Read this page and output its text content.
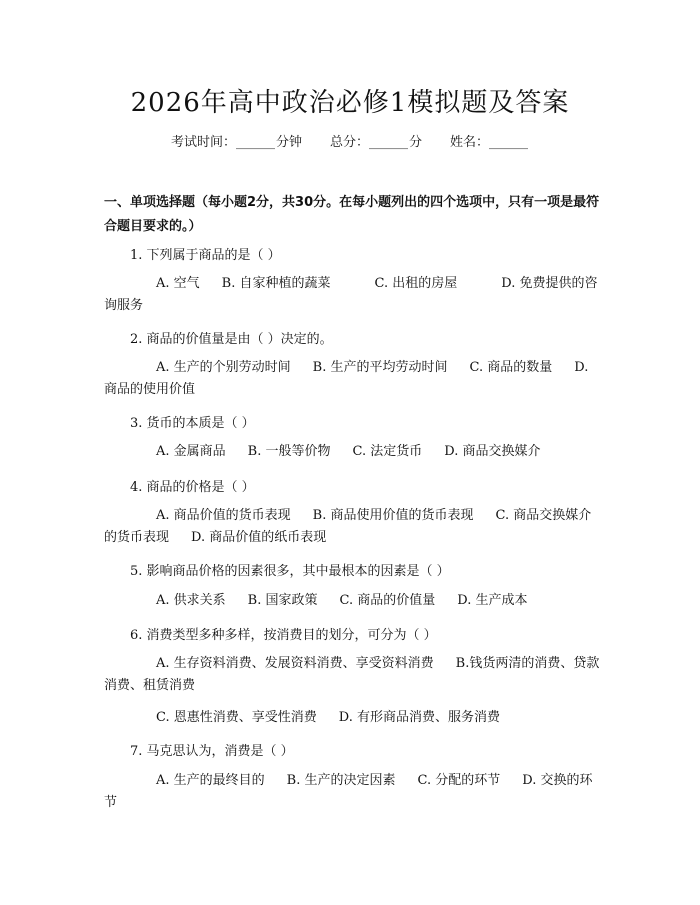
2026年高中政治必修1模拟题及答案
考试时间：______分钟 总分：______分 姓名：______
一、单项选择题（每小题2分，共30分。在每小题列出的四个选项中，只有一项是最符合题目要求的。）
1. 下列属于商品的是（ ）
A. 空气 B. 自家种植的蔬菜	C. 出租的房屋	D. 免费提供的咨询服务
2. 商品的价值量是由（ ）决定的。
A. 生产的个别劳动时间 B. 生产的平均劳动时间 C. 商品的数量 D. 商品的使用价值
3. 货币的本质是（ ）
A. 金属商品 B. 一般等价物 C. 法定货币 D. 商品交换媒介
4. 商品的价格是（ ）
A. 商品价值的货币表现 B. 商品使用价值的货币表现 C. 商品交换媒介的货币表现 D. 商品价值的纸币表现
5. 影响商品价格的因素很多，其中最根本的因素是（ ）
A. 供求关系 B. 国家政策 C. 商品的价值量 D. 生产成本
6. 消费类型多种多样，按消费目的划分，可分为（ ）
A. 生存资料消费、发展资料消费、享受资料消费 B.钱货两清的消费、贷款消费、租赁消费
C. 恩惠性消费、享受性消费 D. 有形商品消费、服务消费
7. 马克思认为，消费是（ ）
A. 生产的最终目的 B. 生产的决定因素 C. 分配的环节 D. 交换的环节
